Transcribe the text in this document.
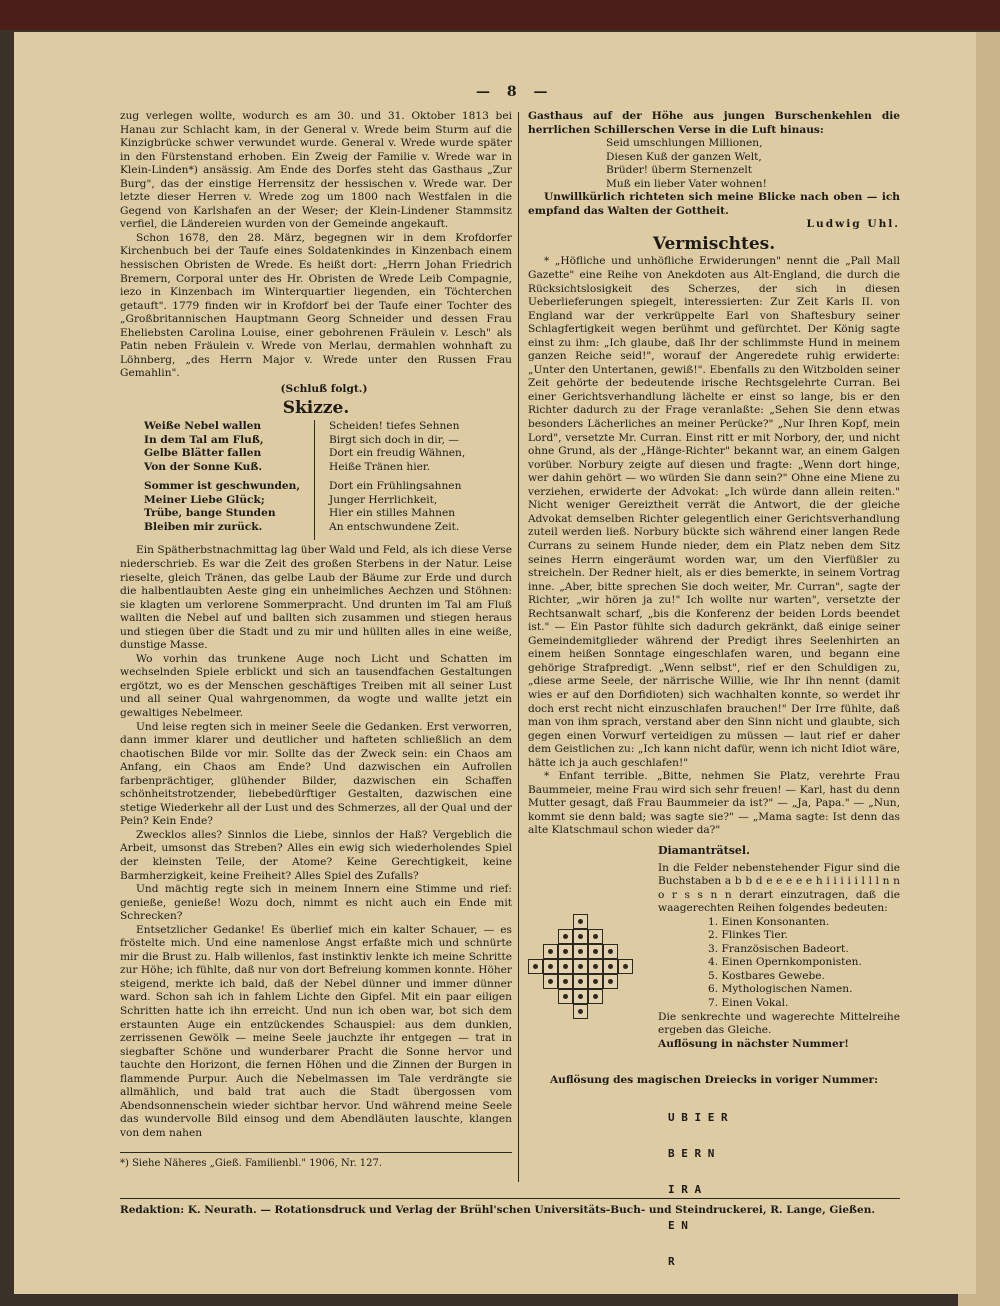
— 8 —

zug verlegen wollte, wodurch es am 30. und 31. Oktober 1813 bei Hanau zur Schlacht kam, in der General v. Wrede beim Sturm auf die Kinzigbrücke schwer verwundet wurde. General v. Wrede wurde später in den Fürstenstand erhoben. Ein Zweig der Familie v. Wrede war in Klein-Linden*) ansässig. Am Ende des Dorfes steht das Gasthaus „Zur Burg", das der einstige Herrensitz der hessischen v. Wrede war. Der letzte dieser Herren v. Wrede zog um 1800 nach Westfalen in die Gegend von Karlshafen an der Weser; der Klein-Lindener Stammsitz verfiel, die Ländereien wurden von der Gemeinde angekauft.

Schon 1678, den 28. März, begegnen wir in dem Krofdorfer Kirchenbuch bei der Taufe eines Soldatenkindes in Kinzenbach einem hessischen Obristen de Wrede. Es heißt dort: „Herrn Johan Friedrich Bremern, Corporal unter des Hr. Obristen de Wrede Leib Compagnie, iezo in Kinzenbach im Winterquartier liegenden, ein Töchterchen getauft". 1779 finden wir in Krofdorf bei der Taufe einer Tochter des „Großbritannischen Hauptmann Georg Schneider und dessen Frau Eheliebsten Carolina Louise, einer gebohrenen Fräulein v. Lesch" als Patin neben Fräulein v. Wrede von Merlau, dermahlen wohnhaft zu Löhnberg, „des Herrn Major v. Wrede unter den Russen Frau Gemahlin".

(Schluß folgt.)

Skizze.
Weiße Nebel wallen
In dem Tal am Fluß,
Gelbe Blätter fallen
Von der Sonne Kuß.
Sommer ist geschwunden,
Meiner Liebe Glück;
Trübe, bange Stunden
Bleiben mir zurück.
Scheiden! tiefes Sehnen
Birgt sich doch in dir, —
Dort ein freudig Wähnen,
Heiße Tränen hier.
Dort ein Frühlingsahnen
Junger Herrlichkeit,
Hier ein stilles Mahnen
An entschwundene Zeit.

Ein Spätherbstnachmittag lag über Wald und Feld, als ich diese Verse niederschrieb. Es war die Zeit des großen Sterbens in der Natur. Leise rieselte, gleich Tränen, das gelbe Laub der Bäume zur Erde und durch die halbentlaubten Aeste ging ein unheimliches Aechzen und Stöhnen: sie klagten um verlorene Sommerpracht. Und drunten im Tal am Fluß wallten die Nebel auf und ballten sich zusammen und stiegen heraus und stiegen über die Stadt und zu mir und hüllten alles in eine weiße, dunstige Masse.

Wo vorhin das trunkene Auge noch Licht und Schatten im wechselnden Spiele erblickt und sich an tausendfachen Gestaltungen ergötzt, wo es der Menschen geschäftiges Treiben mit all seiner Lust und all seiner Qual wahrgenommen, da wogte und wallte jetzt ein gewaltiges Nebelmeer.

Und leise regten sich in meiner Seele die Gedanken. Erst verworren, dann immer klarer und deutlicher und hafteten schließlich an dem chaotischen Bilde vor mir. Sollte das der Zweck sein: ein Chaos am Anfang, ein Chaos am Ende? Und dazwischen ein Aufrollen farbenprächtiger, glühender Bilder, dazwischen ein Schaffen schönheitstrotzender, liebebedürftiger Gestalten, dazwischen eine stetige Wiederkehr all der Lust und des Schmerzes, all der Qual und der Pein? Kein Ende?

Zwecklos alles? Sinnlos die Liebe, sinnlos der Haß? Vergeblich die Arbeit, umsonst das Streben? Alles ein ewig sich wiederholendes Spiel der kleinsten Teile, der Atome? Keine Gerechtigkeit, keine Barmherzigkeit, keine Freiheit? Alles Spiel des Zufalls?

Und mächtig regte sich in meinem Innern eine Stimme und rief: genieße, genieße! Wozu doch, nimmt es nicht auch ein Ende mit Schrecken?

Entsetzlicher Gedanke! Es überlief mich ein kalter Schauer, — es fröstelte mich. Und eine namenlose Angst erfaßte mich und schnürte mir die Brust zu. Halb willenlos, fast instinktiv lenkte ich meine Schritte zur Höhe; ich fühlte, daß nur von dort Befreiung kommen konnte. Höher steigend, merkte ich bald, daß der Nebel dünner und immer dünner ward. Schon sah ich in fahlem Lichte den Gipfel. Mit ein paar eiligen Schritten hatte ich ihn erreicht. Und nun ich oben war, bot sich dem erstaunten Auge ein entzückendes Schauspiel: aus dem dunklen, zerrissenen Gewölk — meine Seele jauchzte ihr entgegen — trat in siegbafter Schöne und wunderbarer Pracht die Sonne hervor und tauchte den Horizont, die fernen Höhen und die Zinnen der Burgen in flammende Purpur. Auch die Nebelmassen im Tale verdrängte sie allmählich, und bald trat auch die Stadt übergossen vom Abendsonnenschein wieder sichtbar hervor. Und während meine Seele das wundervolle Bild einsog und dem Abendläuten lauschte, klangen von dem nahen

*) Siehe Näheres „Gieß. Familienbl." 1906, Nr. 127.

Gasthaus auf der Höhe aus jungen Burschenkehlen die herrlichen Schillerschen Verse in die Luft hinaus:

Seid umschlungen Millionen,
Diesen Kuß der ganzen Welt,
Brüder! überm Sternenzelt
Muß ein lieber Vater wohnen!

Unwillkürlich richteten sich meine Blicke nach oben — ich empfand das Walten der Gottheit.

Ludwig Uhl.
Vermischtes.

* „Höfliche und unhöfliche Erwiderungen" nennt die „Pall Mall Gazette" eine Reihe von Anekdoten aus Alt-England, die durch die Rücksichtslosigkeit des Scherzes, der sich in diesen Ueberlieferungen spiegelt, interessierten: Zur Zeit Karls II. von England war der verkrüppelte Earl von Shaftesbury seiner Schlagfertigkeit wegen berühmt und gefürchtet. Der König sagte einst zu ihm: „Ich glaube, daß Ihr der schlimmste Hund in meinem ganzen Reiche seid!", worauf der Angeredete ruhig erwiderte: „Unter den Untertanen, gewiß!". Ebenfalls zu den Witzbolden seiner Zeit gehörte der bedeutende irische Rechtsgelehrte Curran. Bei einer Gerichtsverhandlung lächelte er einst so lange, bis er den Richter dadurch zu der Frage veranlaßte: „Sehen Sie denn etwas besonders Lächerliches an meiner Perücke?" „Nur Ihren Kopf, mein Lord", versetzte Mr. Curran. Einst ritt er mit Norbory, der, und nicht ohne Grund, als der „Hänge-Richter" bekannt war, an einem Galgen vorüber. Norbury zeigte auf diesen und fragte: „Wenn dort hinge, wer dahin gehört — wo würden Sie dann sein?" Ohne eine Miene zu verziehen, erwiderte der Advokat: „Ich würde dann allein reiten." Nicht weniger Gereiztheit verrät die Antwort, die der gleiche Advokat demselben Richter gelegentlich einer Gerichtsverhandlung zuteil werden ließ. Norbury bückte sich während einer langen Rede Currans zu seinem Hunde nieder, dem ein Platz neben dem Sitz seines Herrn eingeräumt worden war, um den Vierfüßler zu streicheln. Der Redner hielt, als er dies bemerkte, in seinem Vortrag inne. „Aber, bitte sprechen Sie doch weiter, Mr. Curran", sagte der Richter, „wir hören ja zu!" Ich wollte nur warten", versetzte der Rechtsanwalt scharf, „bis die Konferenz der beiden Lords beendet ist." — Ein Pastor fühlte sich dadurch gekränkt, daß einige seiner Gemeindemitglieder während der Predigt ihres Seelenhirten an einem heißen Sonntage eingeschlafen waren, und begann eine gehörige Strafpredigt. „Wenn selbst", rief er den Schuldigen zu, „diese arme Seele, der närrische Willie, wie Ihr ihn nennt (damit wies er auf den Dorfidioten) sich wachhalten konnte, so werdet ihr doch erst recht nicht einzuschlafen brauchen!" Der Irre fühlte, daß man von ihm sprach, verstand aber den Sinn nicht und glaubte, sich gegen einen Vorwurf verteidigen zu müssen — laut rief er daher dem Geistlichen zu: „Ich kann nicht dafür, wenn ich nicht Idiot wäre, hätte ich ja auch geschlafen!"

* Enfant terrible. „Bitte, nehmen Sie Platz, verehrte Frau Baummeier, meine Frau wird sich sehr freuen! — Karl, hast du denn Mutter gesagt, daß Frau Baummeier da ist?" — „Ja, Papa." — „Nun, kommt sie denn bald; was sagte sie?" — „Mama sagte: Ist denn das alte Klatschmaul schon wieder da?"

Diamanträtsel.
In die Felder nebenstehender Figur sind die Buchstaben a b b d e e e e e h i i i i i l l l n n o r s s n n derart einzutragen, daß die waagerechten Reihen folgendes bedeuten:
1. Einen Konsonanten.
2. Flinkes Tier.
3. Französischen Badeort.
4. Einen Opernkomponisten.
5. Kostbares Gewebe.
6. Mythologischen Namen.
7. Einen Vokal.
Die senkrechte und wagerechte Mittelreihe ergeben das Gleiche.
Auflösung in nächster Nummer!
Auflösung des magischen Dreiecks in voriger Nummer:

U B I E R

B E R N

I R A

E N

R

Redaktion: K. Neurath. — Rotationsdruck und Verlag der Brühl'schen Universitäts-Buch- und Steindruckerei, R. Lange, Gießen.
